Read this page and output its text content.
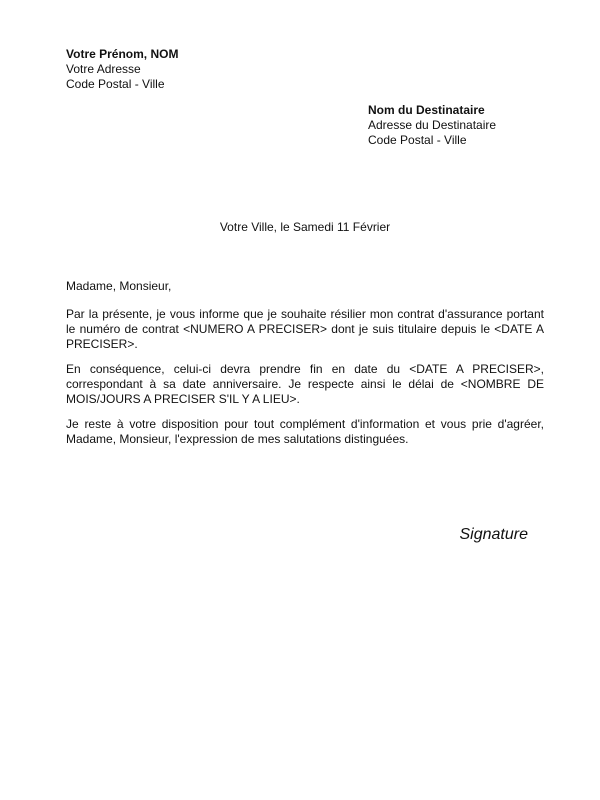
Votre Prénom, NOM
Votre Adresse
Code Postal - Ville
Nom du Destinataire
Adresse du Destinataire
Code Postal - Ville
Votre Ville, le Samedi 11 Février

Madame, Monsieur,

Par la présente, je vous informe que je souhaite résilier mon contrat d'assurance portant le numéro de contrat <NUMERO A PRECISER> dont je suis titulaire depuis le <DATE A PRECISER>.

En conséquence, celui-ci devra prendre fin en date du <DATE A PRECISER>, correspondant à sa date anniversaire. Je respecte ainsi le délai de <NOMBRE DE MOIS/JOURS A PRECISER S'IL Y A LIEU>.

Je reste à votre disposition pour tout complément d'information et vous prie d'agréer, Madame, Monsieur, l'expression de mes salutations distinguées.

Signature
